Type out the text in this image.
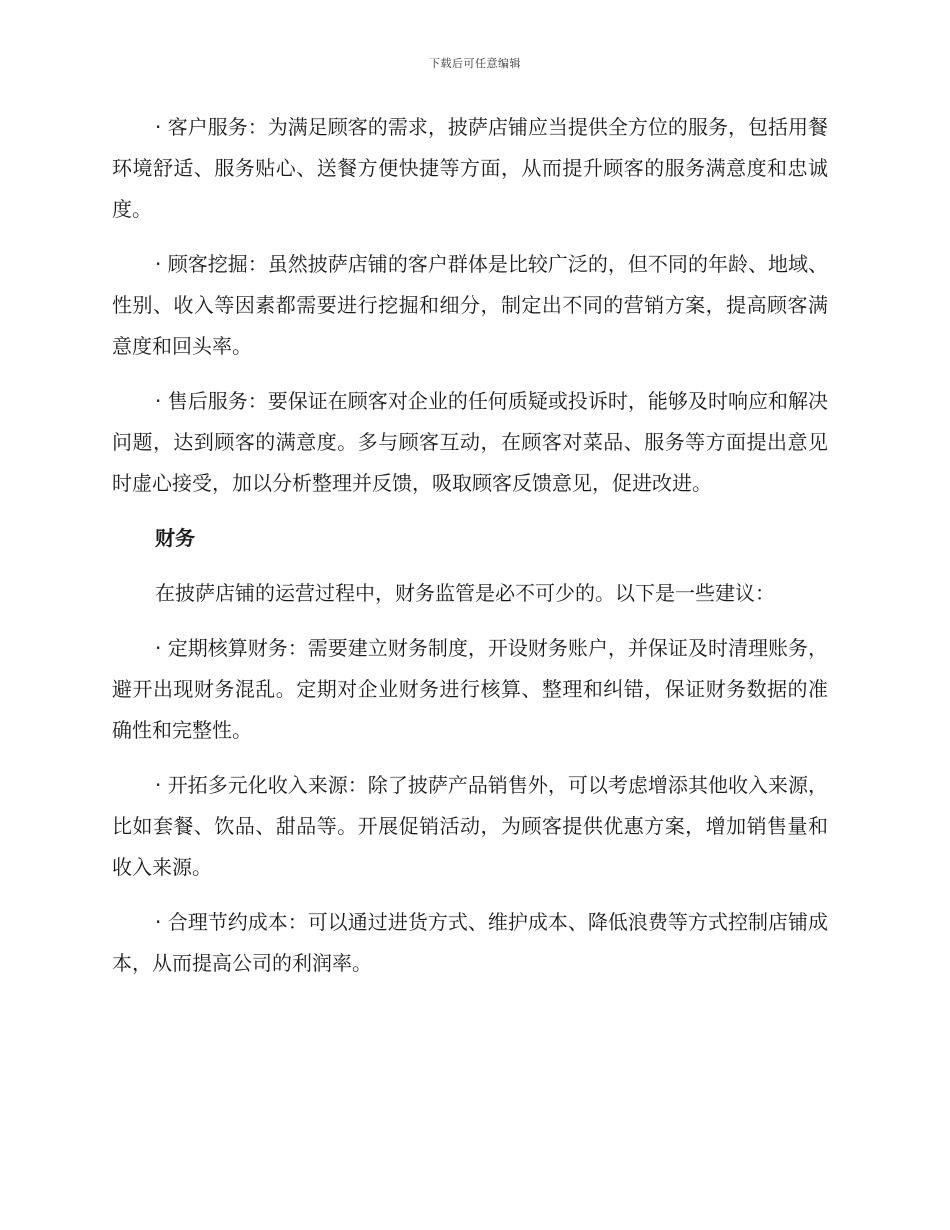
下载后可任意编辑

· 客户服务：为满足顾客的需求，披萨店铺应当提供全方位的服务，包括用餐环境舒适、服务贴心、送餐方便快捷等方面，从而提升顾客的服务满意度和忠诚度。

· 顾客挖掘：虽然披萨店铺的客户群体是比较广泛的，但不同的年龄、地域、性别、收入等因素都需要进行挖掘和细分，制定出不同的营销方案，提高顾客满意度和回头率。

· 售后服务：要保证在顾客对企业的任何质疑或投诉时，能够及时响应和解决问题，达到顾客的满意度。多与顾客互动，在顾客对菜品、服务等方面提出意见时虚心接受，加以分析整理并反馈，吸取顾客反馈意见，促进改进。

财务

在披萨店铺的运营过程中，财务监管是必不可少的。以下是一些建议：

· 定期核算财务：需要建立财务制度，开设财务账户，并保证及时清理账务，避开出现财务混乱。定期对企业财务进行核算、整理和纠错，保证财务数据的准确性和完整性。

· 开拓多元化收入来源：除了披萨产品销售外，可以考虑增添其他收入来源，比如套餐、饮品、甜品等。开展促销活动，为顾客提供优惠方案，增加销售量和收入来源。

· 合理节约成本：可以通过进货方式、维护成本、降低浪费等方式控制店铺成本，从而提高公司的利润率。
